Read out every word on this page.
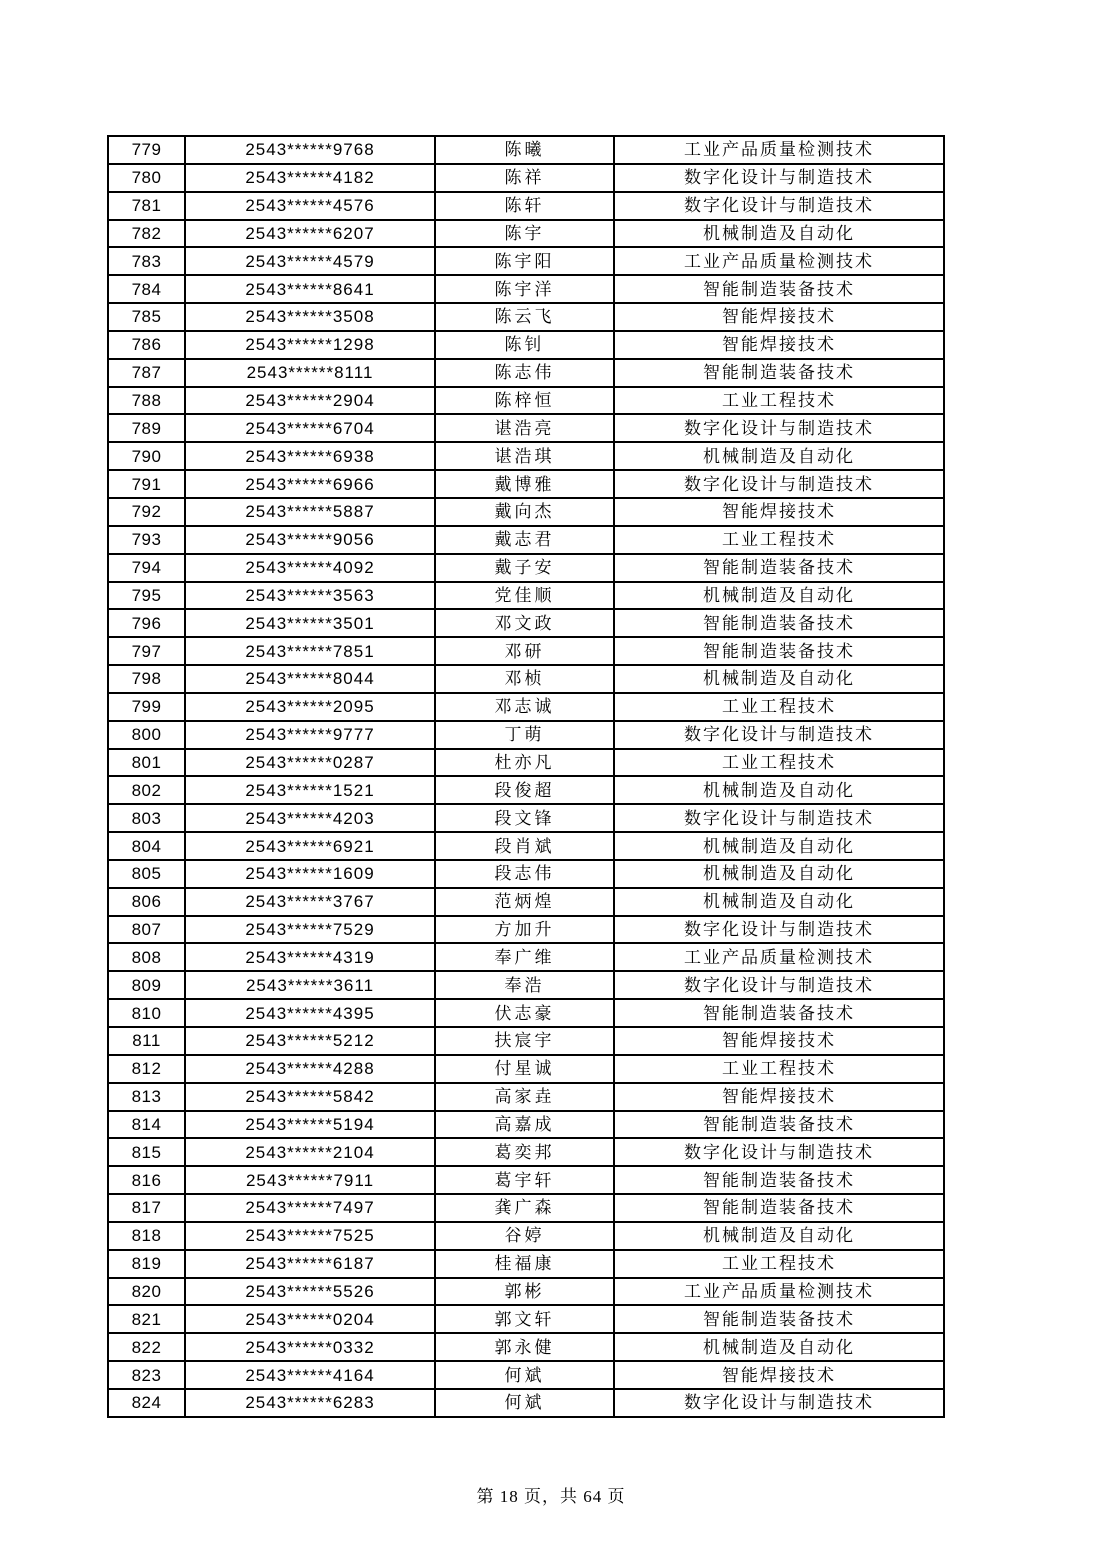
779	2543******9768	陈曦	工业产品质量检测技术
780	2543******4182	陈祥	数字化设计与制造技术
781	2543******4576	陈轩	数字化设计与制造技术
782	2543******6207	陈宇	机械制造及自动化
783	2543******4579	陈宇阳	工业产品质量检测技术
784	2543******8641	陈宇洋	智能制造装备技术
785	2543******3508	陈云飞	智能焊接技术
786	2543******1298	陈钊	智能焊接技术
787	2543******8111	陈志伟	智能制造装备技术
788	2543******2904	陈梓恒	工业工程技术
789	2543******6704	谌浩亮	数字化设计与制造技术
790	2543******6938	谌浩琪	机械制造及自动化
791	2543******6966	戴博雅	数字化设计与制造技术
792	2543******5887	戴向杰	智能焊接技术
793	2543******9056	戴志君	工业工程技术
794	2543******4092	戴子安	智能制造装备技术
795	2543******3563	党佳顺	机械制造及自动化
796	2543******3501	邓文政	智能制造装备技术
797	2543******7851	邓研	智能制造装备技术
798	2543******8044	邓桢	机械制造及自动化
799	2543******2095	邓志诚	工业工程技术
800	2543******9777	丁萌	数字化设计与制造技术
801	2543******0287	杜亦凡	工业工程技术
802	2543******1521	段俊超	机械制造及自动化
803	2543******4203	段文锋	数字化设计与制造技术
804	2543******6921	段肖斌	机械制造及自动化
805	2543******1609	段志伟	机械制造及自动化
806	2543******3767	范炳煌	机械制造及自动化
807	2543******7529	方加升	数字化设计与制造技术
808	2543******4319	奉广维	工业产品质量检测技术
809	2543******3611	奉浩	数字化设计与制造技术
810	2543******4395	伏志豪	智能制造装备技术
811	2543******5212	扶宸宇	智能焊接技术
812	2543******4288	付星诚	工业工程技术
813	2543******5842	高家垚	智能焊接技术
814	2543******5194	高嘉成	智能制造装备技术
815	2543******2104	葛奕邦	数字化设计与制造技术
816	2543******7911	葛宇轩	智能制造装备技术
817	2543******7497	龚广森	智能制造装备技术
818	2543******7525	谷婷	机械制造及自动化
819	2543******6187	桂福康	工业工程技术
820	2543******5526	郭彬	工业产品质量检测技术
821	2543******0204	郭文轩	智能制造装备技术
822	2543******0332	郭永健	机械制造及自动化
823	2543******4164	何斌	智能焊接技术
824	2543******6283	何斌	数字化设计与制造技术
第 18 页，共 64 页
